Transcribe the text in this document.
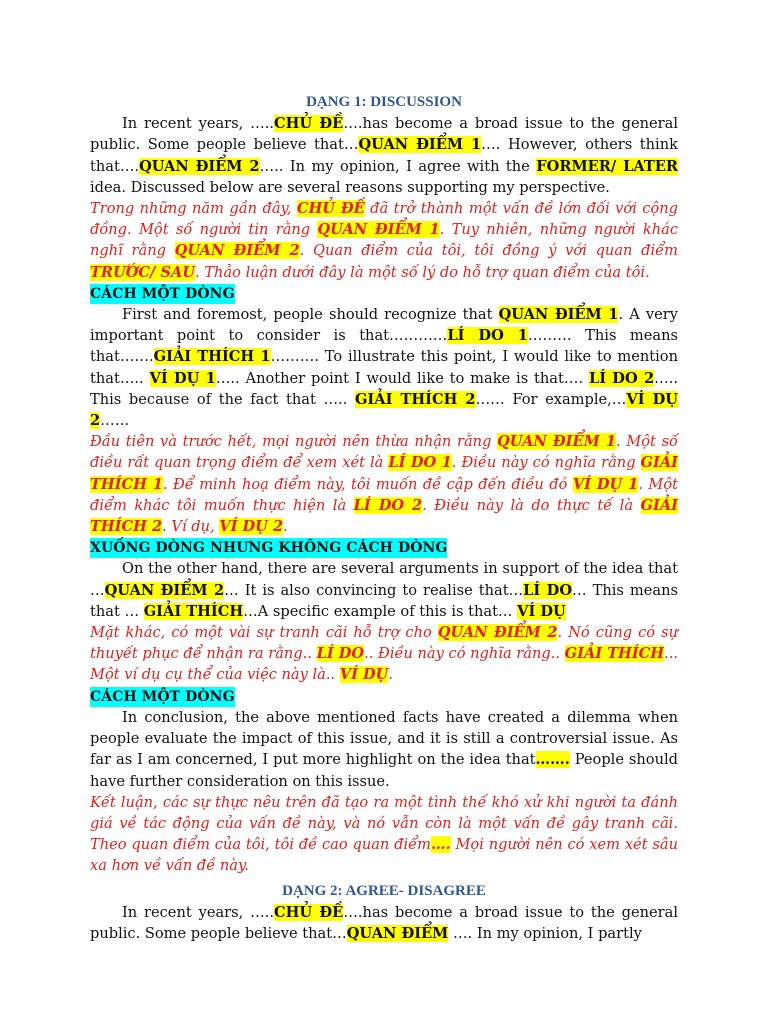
DẠNG 1: DISCUSSION

In recent years, …..CHỦ ĐỀ….has become a broad issue to the general public. Some people believe that…QUAN ĐIỂM 1…. However, others think that….QUAN ĐIỂM 2….. In my opinion, I agree with the FORMER/ LATER idea. Discussed below are several reasons supporting my perspective.

Trong những năm gần đây, CHỦ ĐỀ đã trở thành một vấn đề lớn đối với cộng đồng. Một số người tin rằng QUAN ĐIỂM 1. Tuy nhiên, những người khác nghĩ rằng QUAN ĐIỂM 2. Quan điểm của tôi, tôi đồng ý với quan điểm TRƯỚC/ SAU. Thảo luận dưới đây là một số lý do hỗ trợ quan điểm của tôi.

CÁCH MỘT DÒNG

First and foremost, people should recognize that QUAN ĐIỂM 1. A very important point to consider is that…………LÍ DO 1……… This means that…….GIẢI THÍCH 1………. To illustrate this point, I would like to mention that….. VÍ DỤ 1….. Another point I would like to make is that…. LÍ DO 2….. This because of the fact that ….. GIẢI THÍCH 2…… For example,…VÍ DỤ 2……

Đầu tiên và trước hết, mọi người nên thừa nhận rằng QUAN ĐIỂM 1. Một số điều rất quan trọng điểm để xem xét là LÍ DO 1. Điều này có nghĩa rằng GIẢI THÍCH 1. Để minh hoạ điểm này, tôi muốn đề cập đến điều đó VÍ DỤ 1. Một điểm khác tôi muốn thực hiện là LÍ DO 2. Điều này là do thực tế là GIẢI THÍCH 2. Ví dụ, VÍ DỤ 2.

XUỐNG DÒNG NHƯNG KHÔNG CÁCH DÒNG

On the other hand, there are several arguments in support of the idea that …QUAN ĐIỂM 2… It is also convincing to realise that…LÍ DO… This means that … GIẢI THÍCH…A specific example of this is that… VÍ DỤ

Mặt khác, có một vài sự tranh cãi hỗ trợ cho QUAN ĐIỂM 2. Nó cũng có sự thuyết phục để nhận ra rằng.. LÍ DO.. Điều này có nghĩa rằng.. GIẢI THÍCH... Một ví dụ cụ thể của việc này là.. VÍ DỤ.

CÁCH MỘT DÒNG

In conclusion, the above mentioned facts have created a dilemma when people evaluate the impact of this issue, and it is still a controversial issue. As far as I am concerned, I put more highlight on the idea that……. People should have further consideration on this issue.

Kết luận, các sự thực nêu trên đã tạo ra một tình thế khó xử khi người ta đánh giá về tác động của vấn đề này, và nó vẫn còn là một vấn đề gây tranh cãi. Theo quan điểm của tôi, tôi đề cao quan điểm…. Mọi người nên có xem xét sâu xa hơn về vấn đề này.

DẠNG 2: AGREE- DISAGREE

In recent years, …..CHỦ ĐỀ….has become a broad issue to the general public. Some people believe that…QUAN ĐIỂM …. In my opinion, I partly
